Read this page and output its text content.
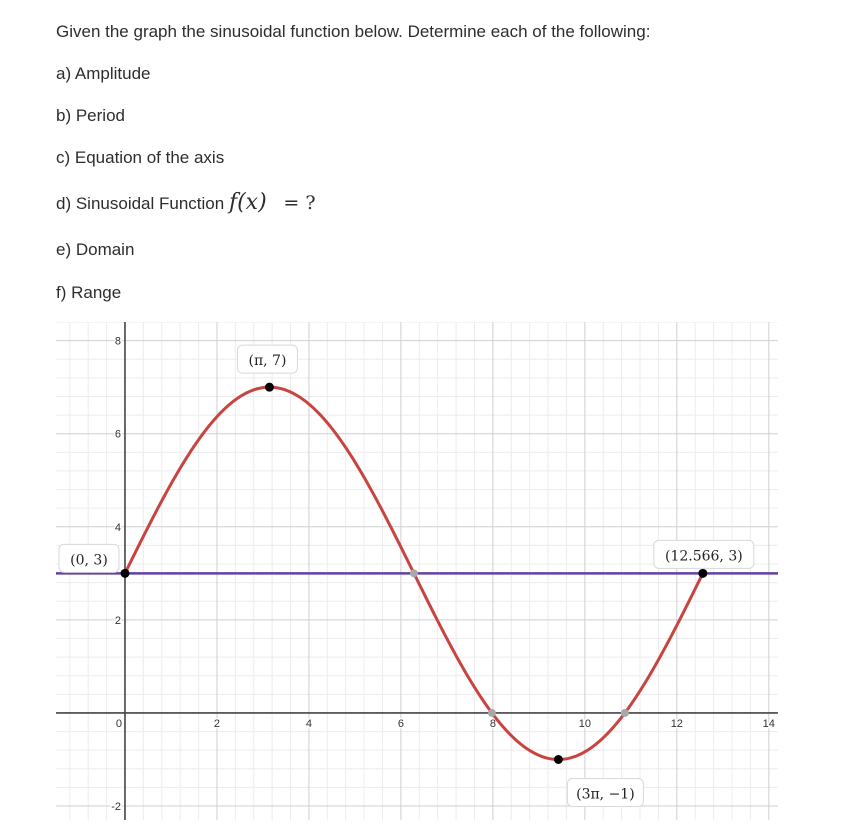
Given the graph the sinusoidal function below. Determine each of the following:

a) Amplitude

b) Period

c) Equation of the axis

d) Sinusoidal Function f(x) = ?

e) Domain

f) Range

0	2	4	6	8	10	12	14
-2
2
4
6
8
(0, 3)
(π, 7)
(3π, −1)
(12.566, 3)
